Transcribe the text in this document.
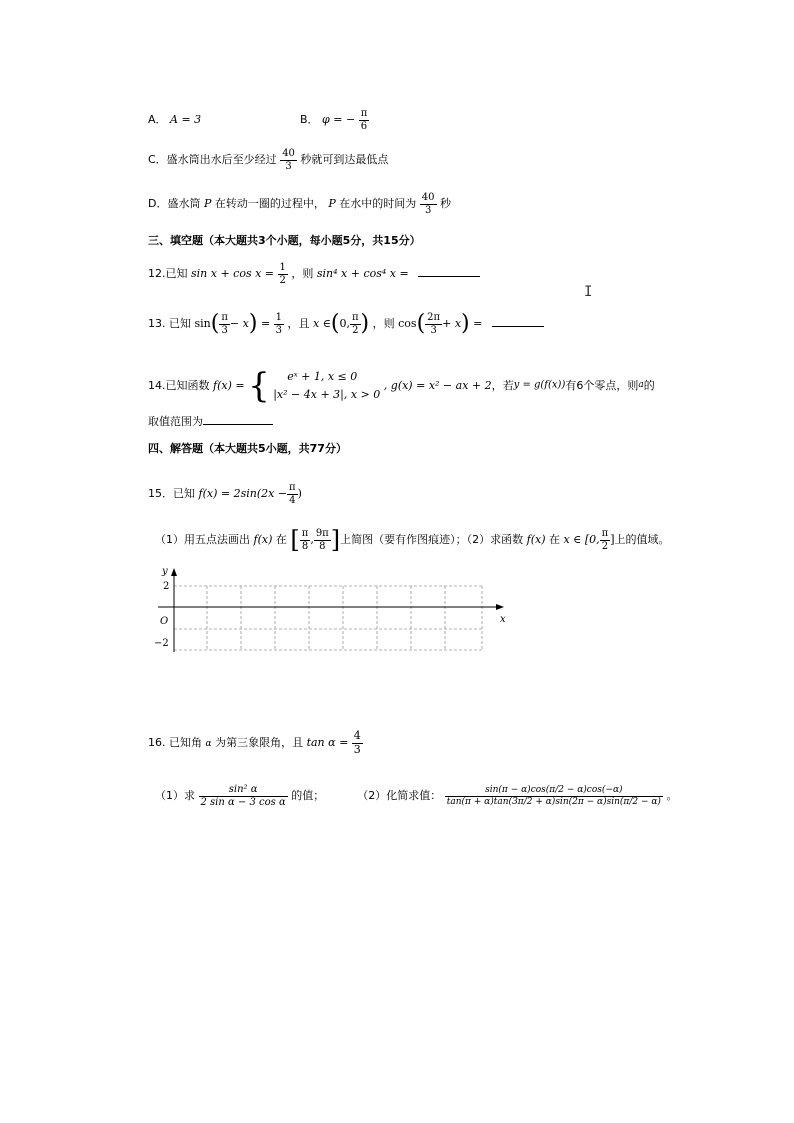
A． A = 3	B． φ = − $\frac{\pi}{6}$
C．盛水筒出水后至少经过 $\frac{40}{3}$ 秒就可到达最低点
D．盛水筒 P 在转动一圈的过程中， P 在水中的时间为 $\frac{40}{3}$ 秒
三、填空题（本大题共3个小题，每小题5分，共15分）
12.已知 $\sin x + \cos x = \frac{1}{2}$ ，则 sin⁴ x + cos⁴ x =
I
13. 已知 $\sin( \frac{\pi}{3} - x) = \frac{1}{3}$ ，且 x ∈(0, $\frac{\pi}{2}$ ) ，则 $\cos( \frac{2\pi}{3} + x)$ =
14.已知函数 f(x) = {	eˣ + 1, x ≤ 0
|x² − 4x + 3|, x > 0
, g(x) = x² − ax + 2，若y = g(f(x))有6个零点，则a的
取值范围为
四、解答题（本大题共5小题，共77分）
15．已知 $f(x) = 2\sin(2x - \frac{\pi}{4}$ )
（1）用五点法画出 f(x) 在 [ $\frac{\pi}{8}$ , $\frac{9\pi}{8}$ ]上简图（要有作图痕迹）；（2）求函数 f(x) 在 x ∈ [0, $\frac{\pi}{2}$ ]上的值域。
y
x
O
2
−2
16. 已知角 α 为第三象限角，且 $\tan \alpha = \frac{4}{3}$
（1）求 $\frac{\text{sin² α}}{\text{2 sin α − 3 cos α}}$ 的值；	（2）化简求值： $\frac{\sin(\pi - \alpha)\cos(\pi/2 - \alpha)\cos(-\alpha)}{\tan(\pi + \alpha)\tan(3\pi/2 + \alpha)\sin(2\pi - \alpha)\sin(\pi/2 - \alpha)}$ 。
